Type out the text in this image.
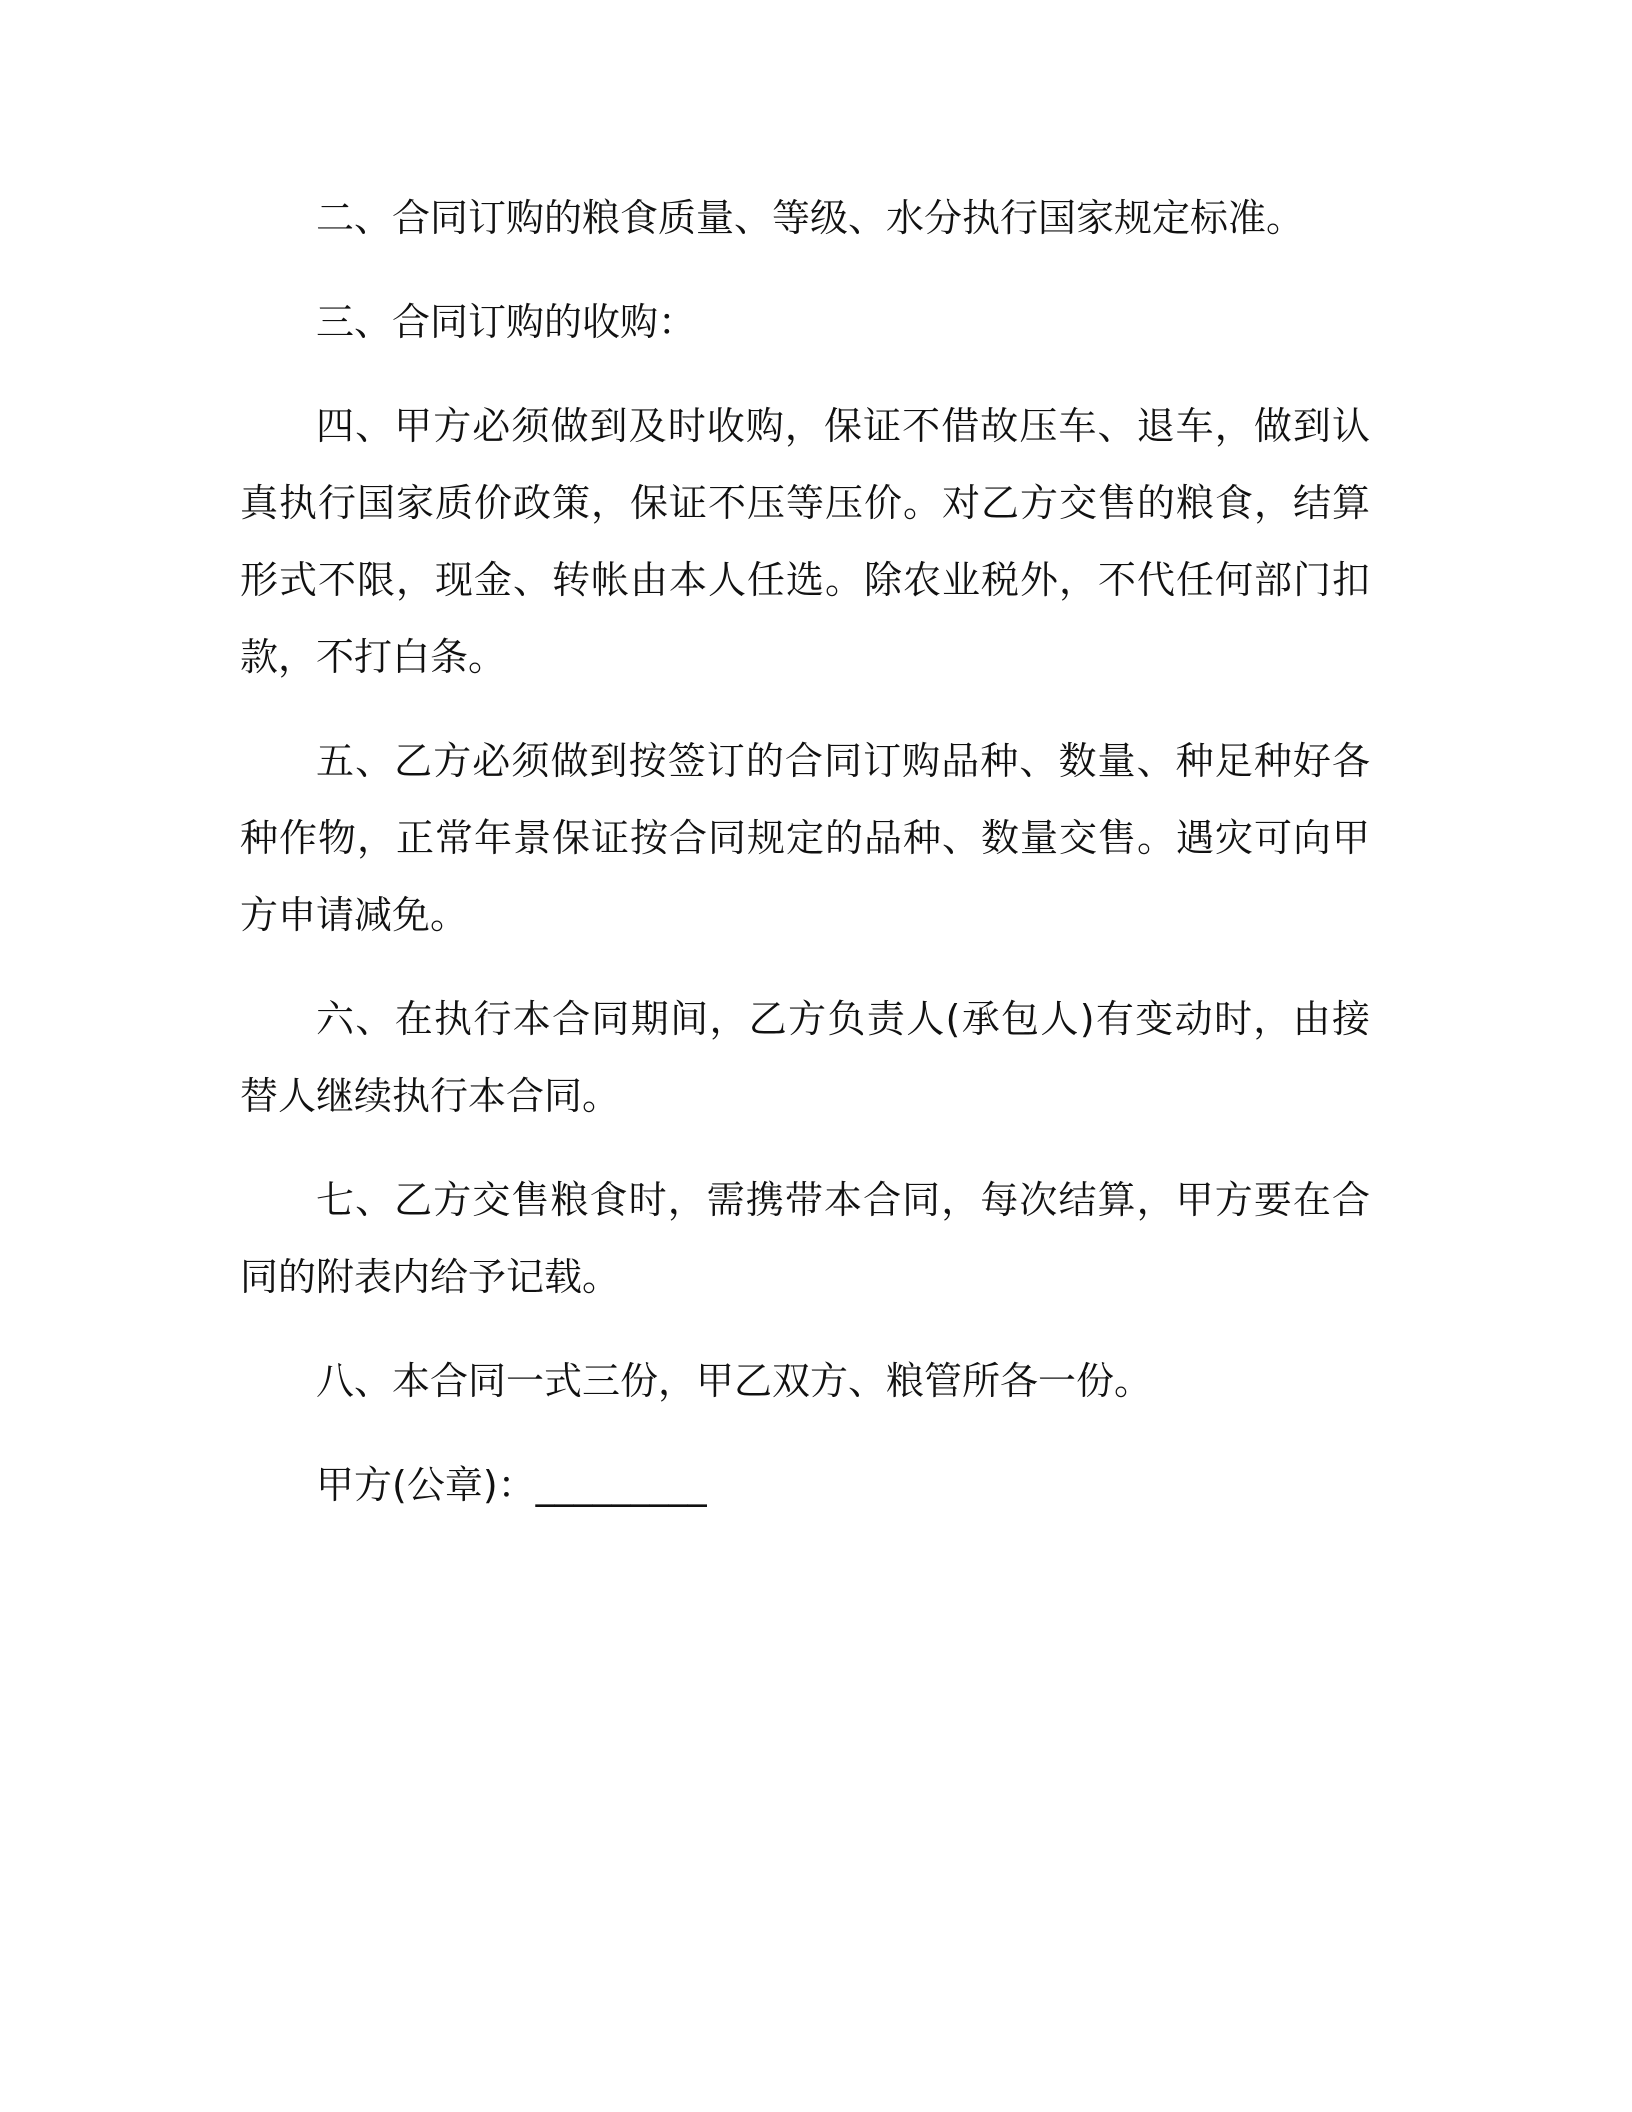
二、合同订购的粮食质量、等级、水分执行国家规定标准。

三、合同订购的收购：

四、甲方必须做到及时收购，保证不借故压车、退车，做到认真执行国家质价政策，保证不压等压价。对乙方交售的粮食，结算形式不限，现金、转帐由本人任选。除农业税外，不代任何部门扣款，不打白条。

五、乙方必须做到按签订的合同订购品种、数量、种足种好各种作物，正常年景保证按合同规定的品种、数量交售。遇灾可向甲方申请减免。

六、在执行本合同期间，乙方负责人(承包人)有变动时，由接替人继续执行本合同。

七、乙方交售粮食时，需携带本合同，每次结算，甲方要在合同的附表内给予记载。

八、本合同一式三份，甲乙双方、粮管所各一份。

甲方(公章)：_________
